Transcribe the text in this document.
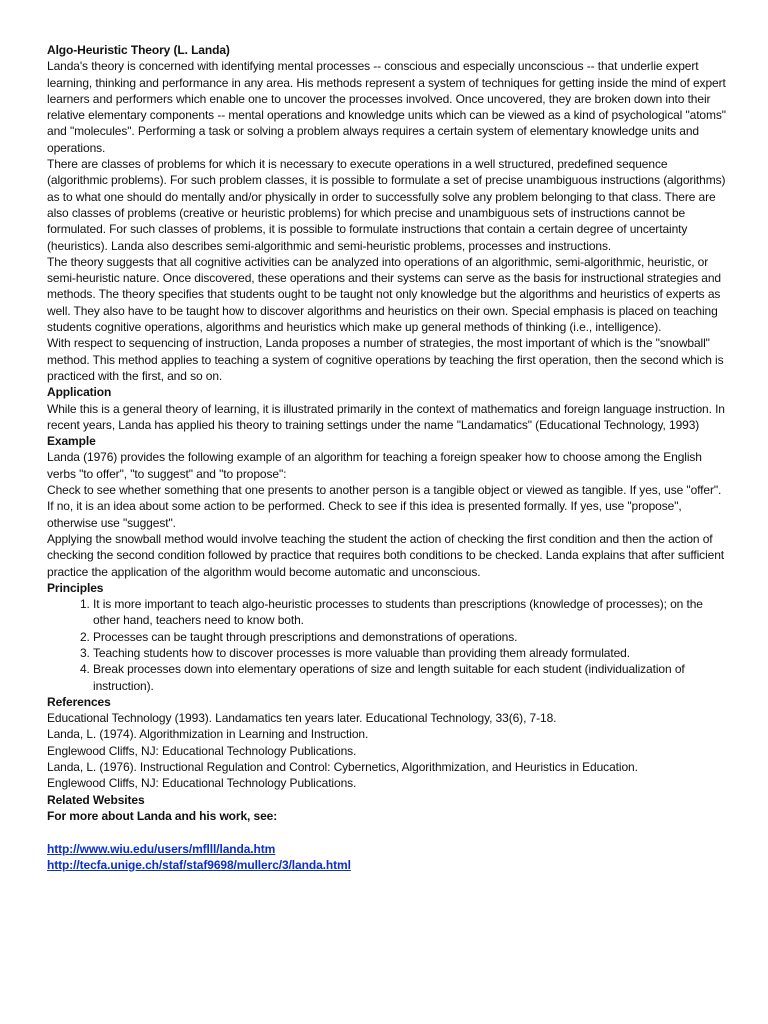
Algo-Heuristic Theory (L. Landa)

Landa's theory is concerned with identifying mental processes -- conscious and especially unconscious -- that underlie expert learning, thinking and performance in any area. His methods represent a system of techniques for getting inside the mind of expert learners and performers which enable one to uncover the processes involved. Once uncovered, they are broken down into their relative elementary components -- mental operations and knowledge units which can be viewed as a kind of psychological "atoms" and "molecules". Performing a task or solving a problem always requires a certain system of elementary knowledge units and operations.

There are classes of problems for which it is necessary to execute operations in a well structured, predefined sequence (algorithmic problems). For such problem classes, it is possible to formulate a set of precise unambiguous instructions (algorithms) as to what one should do mentally and/or physically in order to successfully solve any problem belonging to that class. There are also classes of problems (creative or heuristic problems) for which precise and unambiguous sets of instructions cannot be formulated. For such classes of problems, it is possible to formulate instructions that contain a certain degree of uncertainty (heuristics). Landa also describes semi-algorithmic and semi-heuristic problems, processes and instructions.

The theory suggests that all cognitive activities can be analyzed into operations of an algorithmic, semi-algorithmic, heuristic, or semi-heuristic nature. Once discovered, these operations and their systems can serve as the basis for instructional strategies and methods. The theory specifies that students ought to be taught not only knowledge but the algorithms and heuristics of experts as well. They also have to be taught how to discover algorithms and heuristics on their own. Special emphasis is placed on teaching students cognitive operations, algorithms and heuristics which make up general methods of thinking (i.e., intelligence).

With respect to sequencing of instruction, Landa proposes a number of strategies, the most important of which is the "snowball" method. This method applies to teaching a system of cognitive operations by teaching the first operation, then the second which is practiced with the first, and so on.

Application

While this is a general theory of learning, it is illustrated primarily in the context of mathematics and foreign language instruction. In recent years, Landa has applied his theory to training settings under the name "Landamatics" (Educational Technology, 1993)

Example

Landa (1976) provides the following example of an algorithm for teaching a foreign speaker how to choose among the English verbs "to offer", "to suggest" and "to propose":

Check to see whether something that one presents to another person is a tangible object or viewed as tangible. If yes, use "offer". If no, it is an idea about some action to be performed. Check to see if this idea is presented formally. If yes, use "propose", otherwise use "suggest".

Applying the snowball method would involve teaching the student the action of checking the first condition and then the action of checking the second condition followed by practice that requires both conditions to be checked. Landa explains that after sufficient practice the application of the algorithm would become automatic and unconscious.

Principles

1. It is more important to teach algo-heuristic processes to students than prescriptions (knowledge of processes); on the other hand, teachers need to know both.
2. Processes can be taught through prescriptions and demonstrations of operations.
3. Teaching students how to discover processes is more valuable than providing them already formulated.
4. Break processes down into elementary operations of size and length suitable for each student (individualization of instruction).

References

Educational Technology (1993). Landamatics ten years later. Educational Technology, 33(6), 7-18.

Landa, L. (1974). Algorithmization in Learning and Instruction.

Englewood Cliffs, NJ: Educational Technology Publications.

Landa, L. (1976). Instructional Regulation and Control: Cybernetics, Algorithmization, and Heuristics in Education.

Englewood Cliffs, NJ: Educational Technology Publications.

Related Websites

For more about Landa and his work, see:

http://www.wiu.edu/users/mflll/landa.htm
http://tecfa.unige.ch/staf/staf9698/mullerc/3/landa.html
